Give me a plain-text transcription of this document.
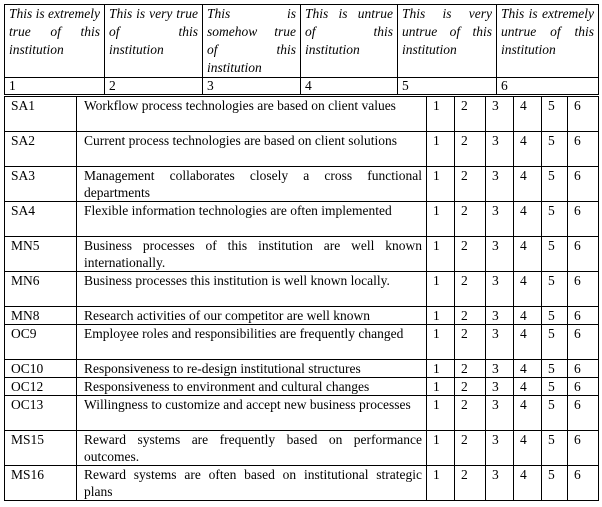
This is extremely true of this institution	This is very true of this institution	This is somehow true of this institution	This is untrue of this institution	This is very untrue of this institution	This is extremely untrue of this institution
1	2	3	4	5	6
SA1	Workflow process technologies are based on client values	1	2	3	4	5	6
SA2	Current process technologies are based on client solutions	1	2	3	4	5	6
SA3	Management collaborates closely a cross functional departments	1	2	3	4	5	6
SA4	Flexible information technologies are often implemented	1	2	3	4	5	6
MN5	Business processes of this institution are well known internationally.	1	2	3	4	5	6
MN6	Business processes this institution is well known locally.	1	2	3	4	5	6
MN8	Research activities of our competitor are well known	1	2	3	4	5	6
OC9	Employee roles and responsibilities are frequently changed	1	2	3	4	5	6
OC10	Responsiveness to re-design institutional structures	1	2	3	4	5	6
OC12	Responsiveness to environment and cultural changes	1	2	3	4	5	6
OC13	Willingness to customize and accept new business processes	1	2	3	4	5	6
MS15	Reward systems are frequently based on performance outcomes.	1	2	3	4	5	6
MS16	Reward systems are often based on institutional strategic plans	1	2	3	4	5	6
